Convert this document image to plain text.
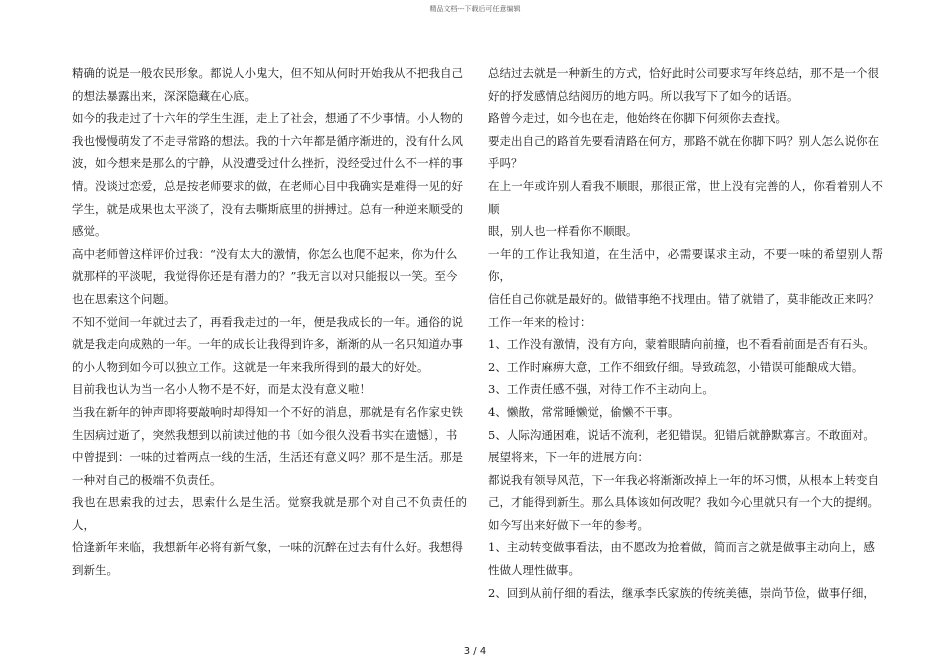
精品文档---下载后可任意编辑

精确的说是一般农民形象。都说人小鬼大，但不知从何时开始我从不把我自己

的想法暴露出来，深深隐藏在心底。

如今的我走过了十六年的学生生涯，走上了社会，想通了不少事情。小人物的

我也慢慢萌发了不走寻常路的想法。我的十六年都是循序渐进的，没有什么风

波，如今想来是那么的宁静，从没遭受过什么挫折，没经受过什么不一样的事

情。没谈过恋爱，总是按老师要求的做，在老师心目中我确实是难得一见的好

学生，就是成果也太平淡了，没有去嘶斯底里的拼搏过。总有一种逆来顺受的

感觉。

高中老师曾这样评价过我：“没有太大的激情，你怎么也爬不起来，你为什么

就那样的平淡呢，我觉得你还是有潜力的？”我无言以对只能报以一笑。至今

也在思索这个问题。

不知不觉间一年就过去了，再看我走过的一年，便是我成长的一年。通俗的说

就是我走向成熟的一年。一年的成长让我得到许多，渐渐的从一名只知道办事

的小人物到如今可以独立工作。这就是一年来我所得到的最大的好处。

目前我也认为当一名小人物不是不好，而是太没有意义啦！

当我在新年的钟声即将要敲响时却得知一个不好的消息，那就是有名作家史铁

生因病过逝了，突然我想到以前读过他的书〔如今很久没看书实在遗憾〕，书

中曾提到：一味的过着两点一线的生活，生活还有意义吗？那不是生活。那是

一种对自己的极端不负责任。

我也在思索我的过去，思索什么是生活。觉察我就是那个对自己不负责任的人，

恰逢新年来临，我想新年必将有新气象，一味的沉醉在过去有什么好。我想得

到新生。

总结过去就是一种新生的方式，恰好此时公司要求写年终总结，那不是一个很

好的抒发感情总结阅历的地方吗。所以我写下了如今的话语。

路曾今走过，如今也在走，他始终在你脚下何须你去查找。

要走出自己的路首先要看清路在何方，那路不就在你脚下吗？别人怎么说你在

乎吗？

在上一年或许别人看我不顺眼，那很正常，世上没有完善的人，你看着别人不顺

眼，别人也一样看你不顺眼。

一年的工作让我知道，在生活中，必需要谋求主动，不要一味的希望别人帮你，

信任自己你就是最好的。做错事绝不找理由。错了就错了，莫非能改正来吗？

工作一年来的检讨：

1、工作没有激情，没有方向，蒙着眼睛向前撞，也不看看前面是否有石头。

2、工作时麻痹大意，工作不细致仔细。导致疏忽，小错误可能酿成大错。

3、工作责任感不强，对待工作不主动向上。

4、懒散，常常睡懒觉，偷懒不干事。

5、人际沟通困难，说话不流利，老犯错误。犯错后就静默寡言。不敢面对。

展望将来，下一年的进展方向：

都说我有领导风范，下一年我必将渐渐改掉上一年的坏习惯，从根本上转变自

己，才能得到新生。那么具体该如何改呢？我如今心里就只有一个大的提纲。

如今写出来好做下一年的参考。

1、主动转变做事看法，由不愿改为抢着做，简而言之就是做事主动向上，感

性做人理性做事。

2、回到从前仔细的看法，继承李氏家族的传统美德，崇尚节俭，做事仔细，

3 / 4
